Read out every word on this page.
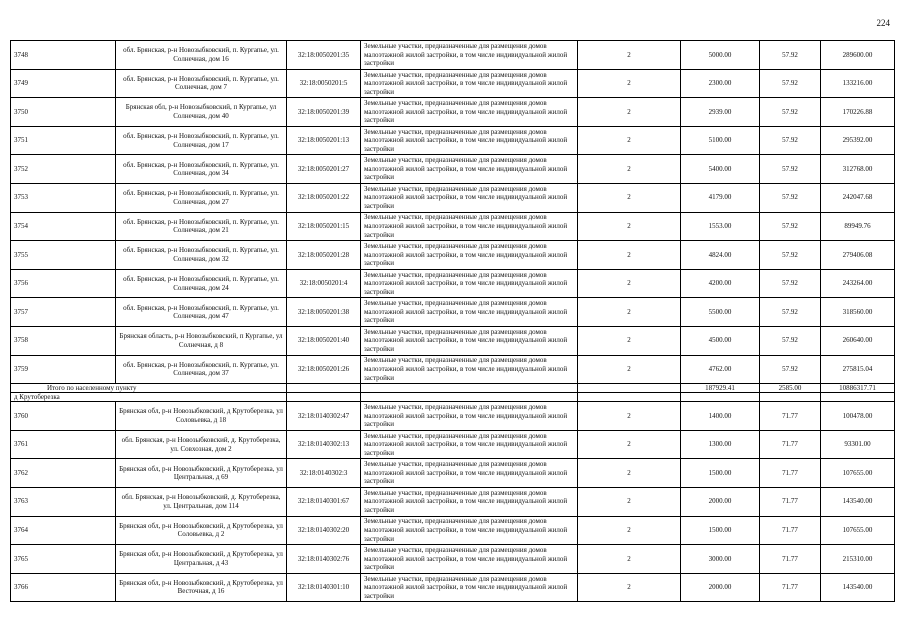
224
3748	обл. Брянская, р-н Новозыбковский, п. Кургапье, ул. Солнечная, дом 16	32:18:0050201:35	Земельные участки, предназначенные для размещения домов малоэтажной жилой застройки, в том числе индивидуальной жилой застройки	2	5000.00	57.92	289600.00
3749	обл. Брянская, р-н Новозыбковский, п. Кургапье, ул. Солнечная, дом 7	32:18:0050201:5	Земельные участки, предназначенные для размещения домов малоэтажной жилой застройки, в том числе индивидуальной жилой застройки	2	2300.00	57.92	133216.00
3750	Брянская обл, р-н Новозыбковский, п Кургапье, ул Солнечная, дом 40	32:18:0050201:39	Земельные участки, предназначенные для размещения домов малоэтажной жилой застройки, в том числе индивидуальной жилой застройки	2	2939.00	57.92	170226.88
3751	обл. Брянская, р-н Новозыбковский, п. Кургапье, ул. Солнечная, дом 17	32:18:0050201:13	Земельные участки, предназначенные для размещения домов малоэтажной жилой застройки, в том числе индивидуальной жилой застройки	2	5100.00	57.92	295392.00
3752	обл. Брянская, р-н Новозыбковский, п. Кургапье, ул. Солнечная, дом 34	32:18:0050201:27	Земельные участки, предназначенные для размещения домов малоэтажной жилой застройки, в том числе индивидуальной жилой застройки	2	5400.00	57.92	312768.00
3753	обл. Брянская, р-н Новозыбковский, п. Кургапье, ул. Солнечная, дом 27	32:18:0050201:22	Земельные участки, предназначенные для размещения домов малоэтажной жилой застройки, в том числе индивидуальной жилой застройки	2	4179.00	57.92	242047.68
3754	обл. Брянская, р-н Новозыбковский, п. Кургапье, ул. Солнечная, дом 21	32:18:0050201:15	Земельные участки, предназначенные для размещения домов малоэтажной жилой застройки, в том числе индивидуальной жилой застройки	2	1553.00	57.92	89949.76
3755	обл. Брянская, р-н Новозыбковский, п. Кургапье, ул. Солнечная, дом 32	32:18:0050201:28	Земельные участки, предназначенные для размещения домов малоэтажной жилой застройки, в том числе индивидуальной жилой застройки	2	4824.00	57.92	279406.08
3756	обл. Брянская, р-н Новозыбковский, п. Кургапье, ул. Солнечная, дом 24	32:18:0050201:4	Земельные участки, предназначенные для размещения домов малоэтажной жилой застройки, в том числе индивидуальной жилой застройки	2	4200.00	57.92	243264.00
3757	обл. Брянская, р-н Новозыбковский, п. Кургапье, ул. Солнечная, дом 47	32:18:0050201:38	Земельные участки, предназначенные для размещения домов малоэтажной жилой застройки, в том числе индивидуальной жилой застройки	2	5500.00	57.92	318560.00
3758	Брянская область, р-н Новозыбковский, п Кургапье, ул Солнечная, д 8	32:18:0050201:40	Земельные участки, предназначенные для размещения домов малоэтажной жилой застройки, в том числе индивидуальной жилой застройки	2	4500.00	57.92	260640.00
3759	обл. Брянская, р-н Новозыбковский, п. Кургапье, ул. Солнечная, дом 37	32:18:0050201:26	Земельные участки, предназначенные для размещения домов малоэтажной жилой застройки, в том числе индивидуальной жилой застройки	2	4762.00	57.92	275815.04
Итого по населенному пункту					187929.41	2585.00	10886317.71
д Крутоберезка							
3760	Брянская обл, р-н Новозыбковский, д Крутоберезка, ул Соловьевка, д 18	32:18:0140302:47	Земельные участки, предназначенные для размещения домов малоэтажной жилой застройки, в том числе индивидуальной жилой застройки	2	1400.00	71.77	100478.00
3761	обл. Брянская, р-н Новозыбковский, д. Крутоберезка, ул. Совхозная, дом 2	32:18:0140302:13	Земельные участки, предназначенные для размещения домов малоэтажной жилой застройки, в том числе индивидуальной жилой застройки	2	1300.00	71.77	93301.00
3762	Брянская обл, р-н Новозыбковский, д Крутоберезка, ул Центральная, д 69	32:18:0140302:3	Земельные участки, предназначенные для размещения домов малоэтажной жилой застройки, в том числе индивидуальной жилой застройки	2	1500.00	71.77	107655.00
3763	обл. Брянская, р-н Новозыбковский, д. Крутоберезка, ул. Центральная, дом 114	32:18:0140301:67	Земельные участки, предназначенные для размещения домов малоэтажной жилой застройки, в том числе индивидуальной жилой застройки	2	2000.00	71.77	143540.00
3764	Брянская обл, р-н Новозыбковский, д Крутоберезка, ул Соловьевка, д 2	32:18:0140302:20	Земельные участки, предназначенные для размещения домов малоэтажной жилой застройки, в том числе индивидуальной жилой застройки	2	1500.00	71.77	107655.00
3765	Брянская обл, р-н Новозыбковский, д Крутоберезка, ул Центральная, д 43	32:18:0140302:76	Земельные участки, предназначенные для размещения домов малоэтажной жилой застройки, в том числе индивидуальной жилой застройки	2	3000.00	71.77	215310.00
3766	Брянская обл, р-н Новозыбковский, д Крутоберезка, ул Весточная, д 16	32:18:0140301:10	Земельные участки, предназначенные для размещения домов малоэтажной жилой застройки, в том числе индивидуальной жилой застройки	2	2000.00	71.77	143540.00
